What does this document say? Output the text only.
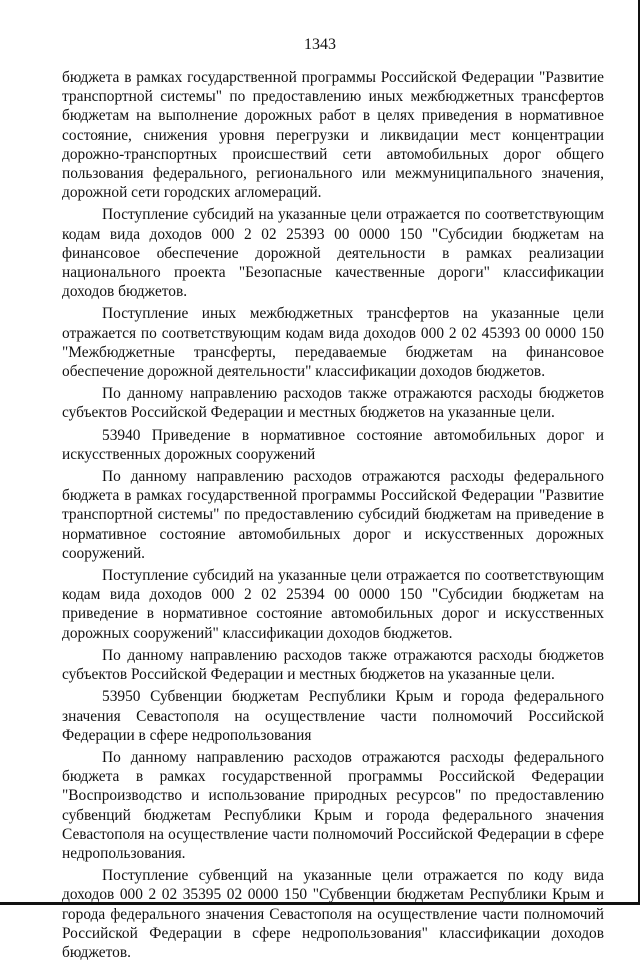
1343

бюджета в рамках государственной программы Российской Федерации "Развитие транспортной системы" по предоставлению иных межбюджетных трансфертов бюджетам на выполнение дорожных работ в целях приведения в нормативное состояние, снижения уровня перегрузки и ликвидации мест концентрации дорожно-транспортных происшествий сети автомобильных дорог общего пользования федерального, регионального или межмуниципального значения, дорожной сети городских агломераций.

Поступление субсидий на указанные цели отражается по соответствующим кодам вида доходов 000 2 02 25393 00 0000 150 "Субсидии бюджетам на финансовое обеспечение дорожной деятельности в рамках реализации национального проекта "Безопасные качественные дороги" классификации доходов бюджетов.

Поступление иных межбюджетных трансфертов на указанные цели отражается по соответствующим кодам вида доходов 000 2 02 45393 00 0000 150 "Межбюджетные трансферты, передаваемые бюджетам на финансовое обеспечение дорожной деятельности" классификации доходов бюджетов.

По данному направлению расходов также отражаются расходы бюджетов субъектов Российской Федерации и местных бюджетов на указанные цели.

53940 Приведение в нормативное состояние автомобильных дорог и искусственных дорожных сооружений

По данному направлению расходов отражаются расходы федерального бюджета в рамках государственной программы Российской Федерации "Развитие транспортной системы" по предоставлению субсидий бюджетам на приведение в нормативное состояние автомобильных дорог и искусственных дорожных сооружений.

Поступление субсидий на указанные цели отражается по соответствующим кодам вида доходов 000 2 02 25394 00 0000 150 "Субсидии бюджетам на приведение в нормативное состояние автомобильных дорог и искусственных дорожных сооружений" классификации доходов бюджетов.

По данному направлению расходов также отражаются расходы бюджетов субъектов Российской Федерации и местных бюджетов на указанные цели.

53950 Субвенции бюджетам Республики Крым и города федерального значения Севастополя на осуществление части полномочий Российской Федерации в сфере недропользования

По данному направлению расходов отражаются расходы федерального бюджета в рамках государственной программы Российской Федерации "Воспроизводство и использование природных ресурсов" по предоставлению субвенций бюджетам Республики Крым и города федерального значения Севастополя на осуществление части полномочий Российской Федерации в сфере недропользования.

Поступление субвенций на указанные цели отражается по коду вида доходов 000 2 02 35395 02 0000 150 "Субвенции бюджетам Республики Крым и города федерального значения Севастополя на осуществление части полномочий Российской Федерации в сфере недропользования" классификации доходов бюджетов.
